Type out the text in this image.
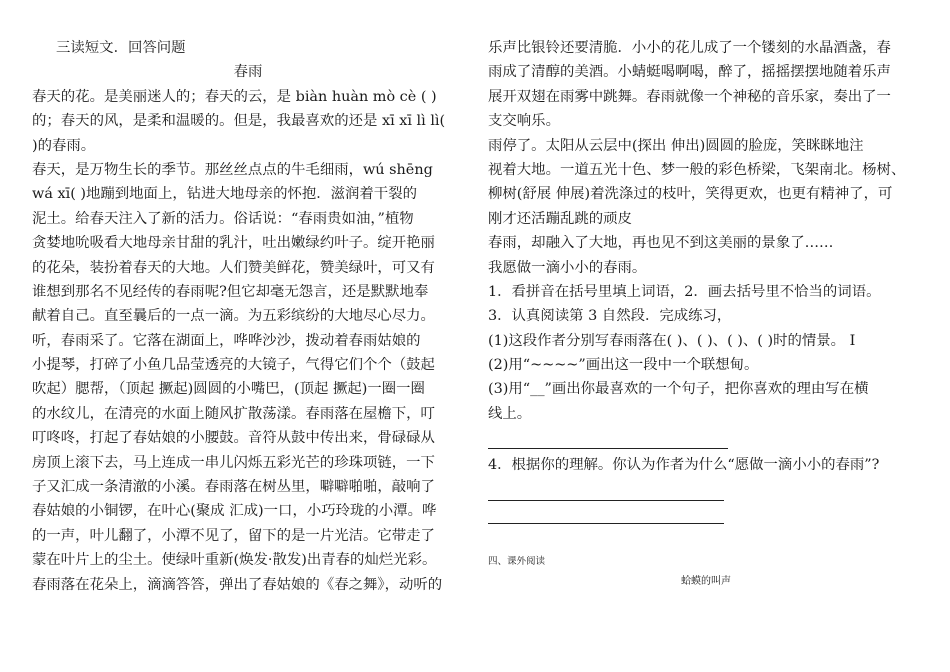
三读短文．回答问题
春雨
春天的花。是美丽迷人的；春天的云，是 biàn huàn mò cè ( )
的；春天的风，是柔和温暖的。但是，我最喜欢的还是 xī xī lì lì(
)的春雨。
春天，是万物生长的季节。那丝丝点点的牛毛细雨，wú shēng
wá xī( )地蹦到地面上，钻进大地母亲的怀抱．滋润着干裂的
泥土。给春天注入了新的活力。俗话说：“春雨贵如油，”植物
贪婪地吮吸看大地母亲甘甜的乳汁，吐出嫩绿约叶子。绽开艳丽
的花朵，装扮着春天的大地。人们赞美鲜花，赞美绿叶，可又有
谁想到那名不见经传的春雨呢?但它却毫无怨言，还是默默地奉
献着自己。直至曩后的一点一滴。为五彩缤纷的大地尽心尽力。
听，春雨采了。它落在湖面上，哗哗沙沙，拨动着春雨姑娘的
小提琴，打碎了小鱼几品莹透亮的大镜子，气得它们个个（鼓起
吹起）腮帮，（顶起 撅起)圆圆的小嘴巴，(顶起 撅起)一圈一圈
的水纹儿，在清亮的水面上随风扩散荡漾。春雨落在屋檐下，叮
叮咚咚，打起了春姑娘的小腰鼓。音符从鼓中传出来，骨碌碌从
房顶上滚下去，马上连成一串儿闪烁五彩光芒的珍珠项链，一下
子又汇成一条清澈的小溪。春雨落在树丛里，噼噼啪啪，敲响了
春姑娘的小铜锣，在叶心(聚成 汇成)一口，小巧玲珑的小潭。哗
的一声，叶儿翻了，小潭不见了，留下的是一片光洁。它带走了
蒙在叶片上的尘土。使绿叶重新(焕发·散发)出青春的灿烂光彩。
春雨落在花朵上，滴滴答答，弹出了春姑娘的《春之舞》，动听的
乐声比银铃还要清脆．小小的花儿成了一个镂刻的水晶酒盏，春
雨成了清醇的美酒。小蜻蜓喝啊喝，醉了，摇摇摆摆地随着乐声
展开双翅在雨雾中跳舞。春雨就像一个神秘的音乐家，奏出了一
支交响乐。
雨停了。太阳从云层中(探出 伸出)圆圆的脸庞，笑眯眯地注
视着大地。一道五光十色、梦一般的彩色桥梁，飞架南北。杨树、
柳树(舒展 伸展)着洗涤过的枝叶，笑得更欢，也更有精神了，可
刚才还活蹦乱跳的顽皮
春雨，却融入了大地，再也见不到这美丽的景象了……
我愿做一滴小小的春雨。
1．看拼音在括号里填上词语，2．画去括号里不恰当的词语。
3．认真阅读第 3 自然段．完成练习，
(1)这段作者分别写春雨落在( )、( )、( )、( )时的情景。 I
(2)用“~~~~”画出这一段中一个联想甸。
(3)用“__”画出你最喜欢的一个句子，把你喜欢的理由写在横
线上。
4．根据你的理解。你认为作者为什么“愿做一滴小小的春雨”?
四、课外阅读
蛤蟆的叫声
